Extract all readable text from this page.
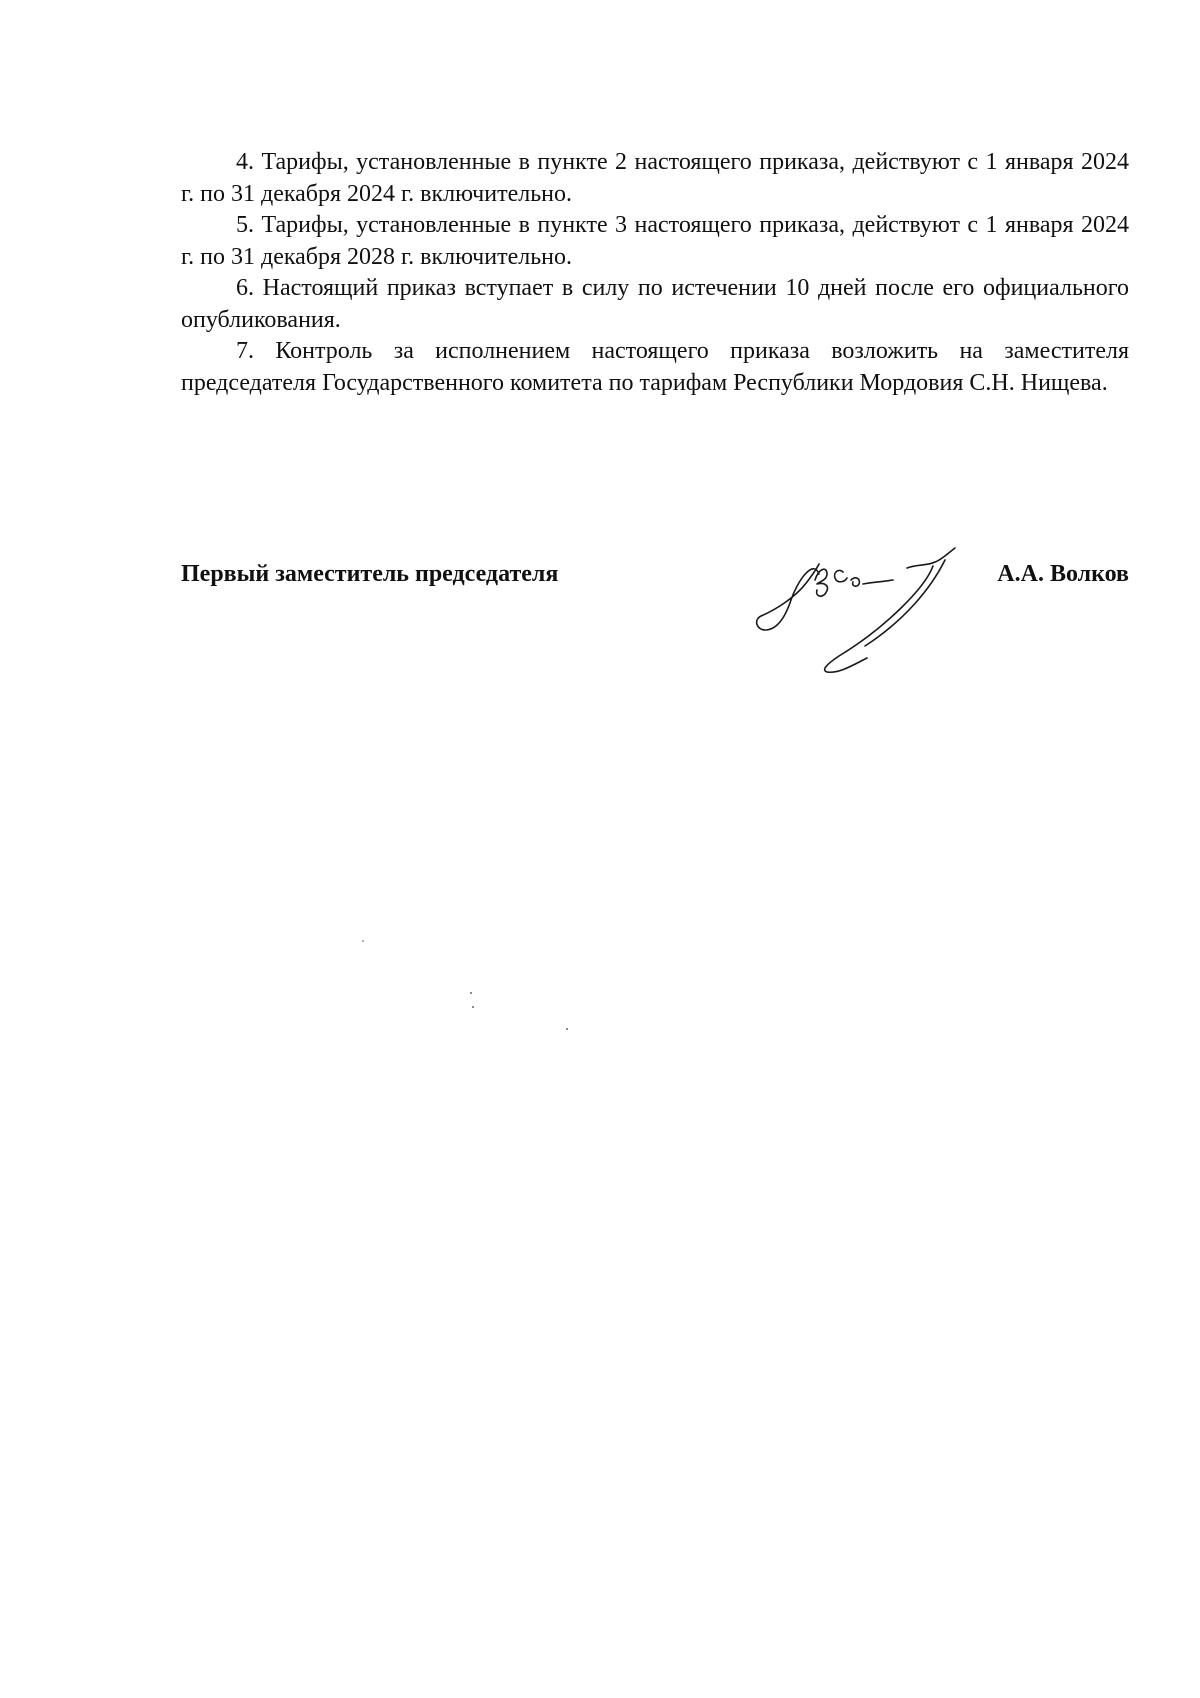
4. Тарифы, установленные в пункте 2 настоящего приказа, действуют с 1 января 2024 г. по 31 декабря 2024 г. включительно.

5. Тарифы, установленные в пункте 3 настоящего приказа, действуют с 1 января 2024 г. по 31 декабря 2028 г. включительно.

6. Настоящий приказ вступает в силу по истечении 10 дней после его официального опубликования.

7. Контроль за исполнением настоящего приказа возложить на заместителя председателя Государственного комитета по тарифам Республики Мордовия С.Н. Нищева.

Первый заместитель председателя	А.А. Волков
